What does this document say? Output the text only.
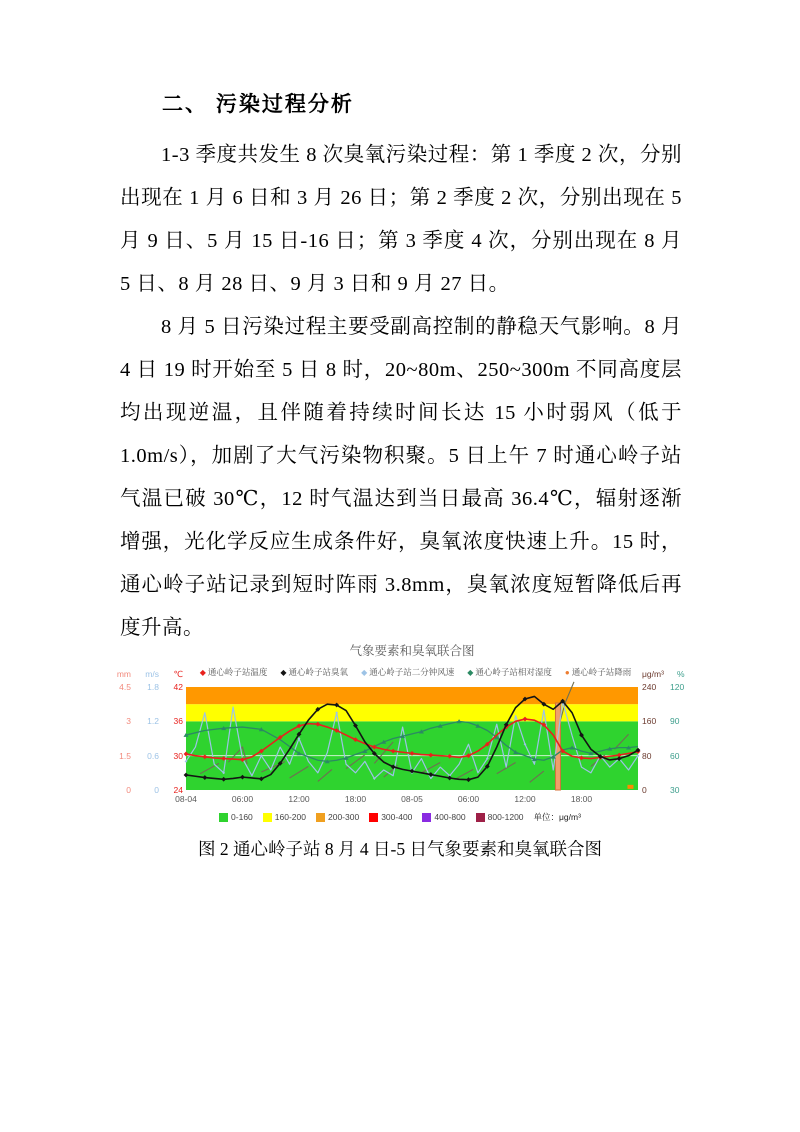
二、 污染过程分析

1-3 季度共发生 8 次臭氧污染过程：第 1 季度 2 次，分别出现在 1 月 6 日和 3 月 26 日；第 2 季度 2 次，分别出现在 5 月 9 日、5 月 15 日-16 日；第 3 季度 4 次，分别出现在 8 月 5 日、8 月 28 日、9 月 3 日和 9 月 27 日。

8 月 5 日污染过程主要受副高控制的静稳天气影响。8 月 4 日 19 时开始至 5 日 8 时，20~80m、250~300m 不同高度层均出现逆温，且伴随着持续时间长达 15 小时弱风（低于 1.0m/s），加剧了大气污染物积聚。5 日上午 7 时通心岭子站气温已破 30℃，12 时气温达到当日最高 36.4℃，辐射逐渐增强，光化学反应生成条件好，臭氧浓度快速上升。15 时，通心岭子站记录到短时阵雨 3.8mm，臭氧浓度短暂降低后再度升高。

气象要素和臭氧联合图
◆ 通心岭子站温度 ◆ 通心岭子站臭氧 ◆ 通心岭子站二分钟风速 ◆ 通心岭子站相对湿度 ● 通心岭子站降雨
mm	m/s	℃	μg/m³ %
4.5
3
1.5
0
1.8
1.2
0.6
0
42
36
30
24
240
160
80
0
120
90
60
30
08-04	06:00	12:00	18:00	08-05	06:00	12:00	18:00
0-160	160-200	200-300	300-400	400-800	800-1200 单位：μg/m³
图 2 通心岭子站 8 月 4 日-5 日气象要素和臭氧联合图
